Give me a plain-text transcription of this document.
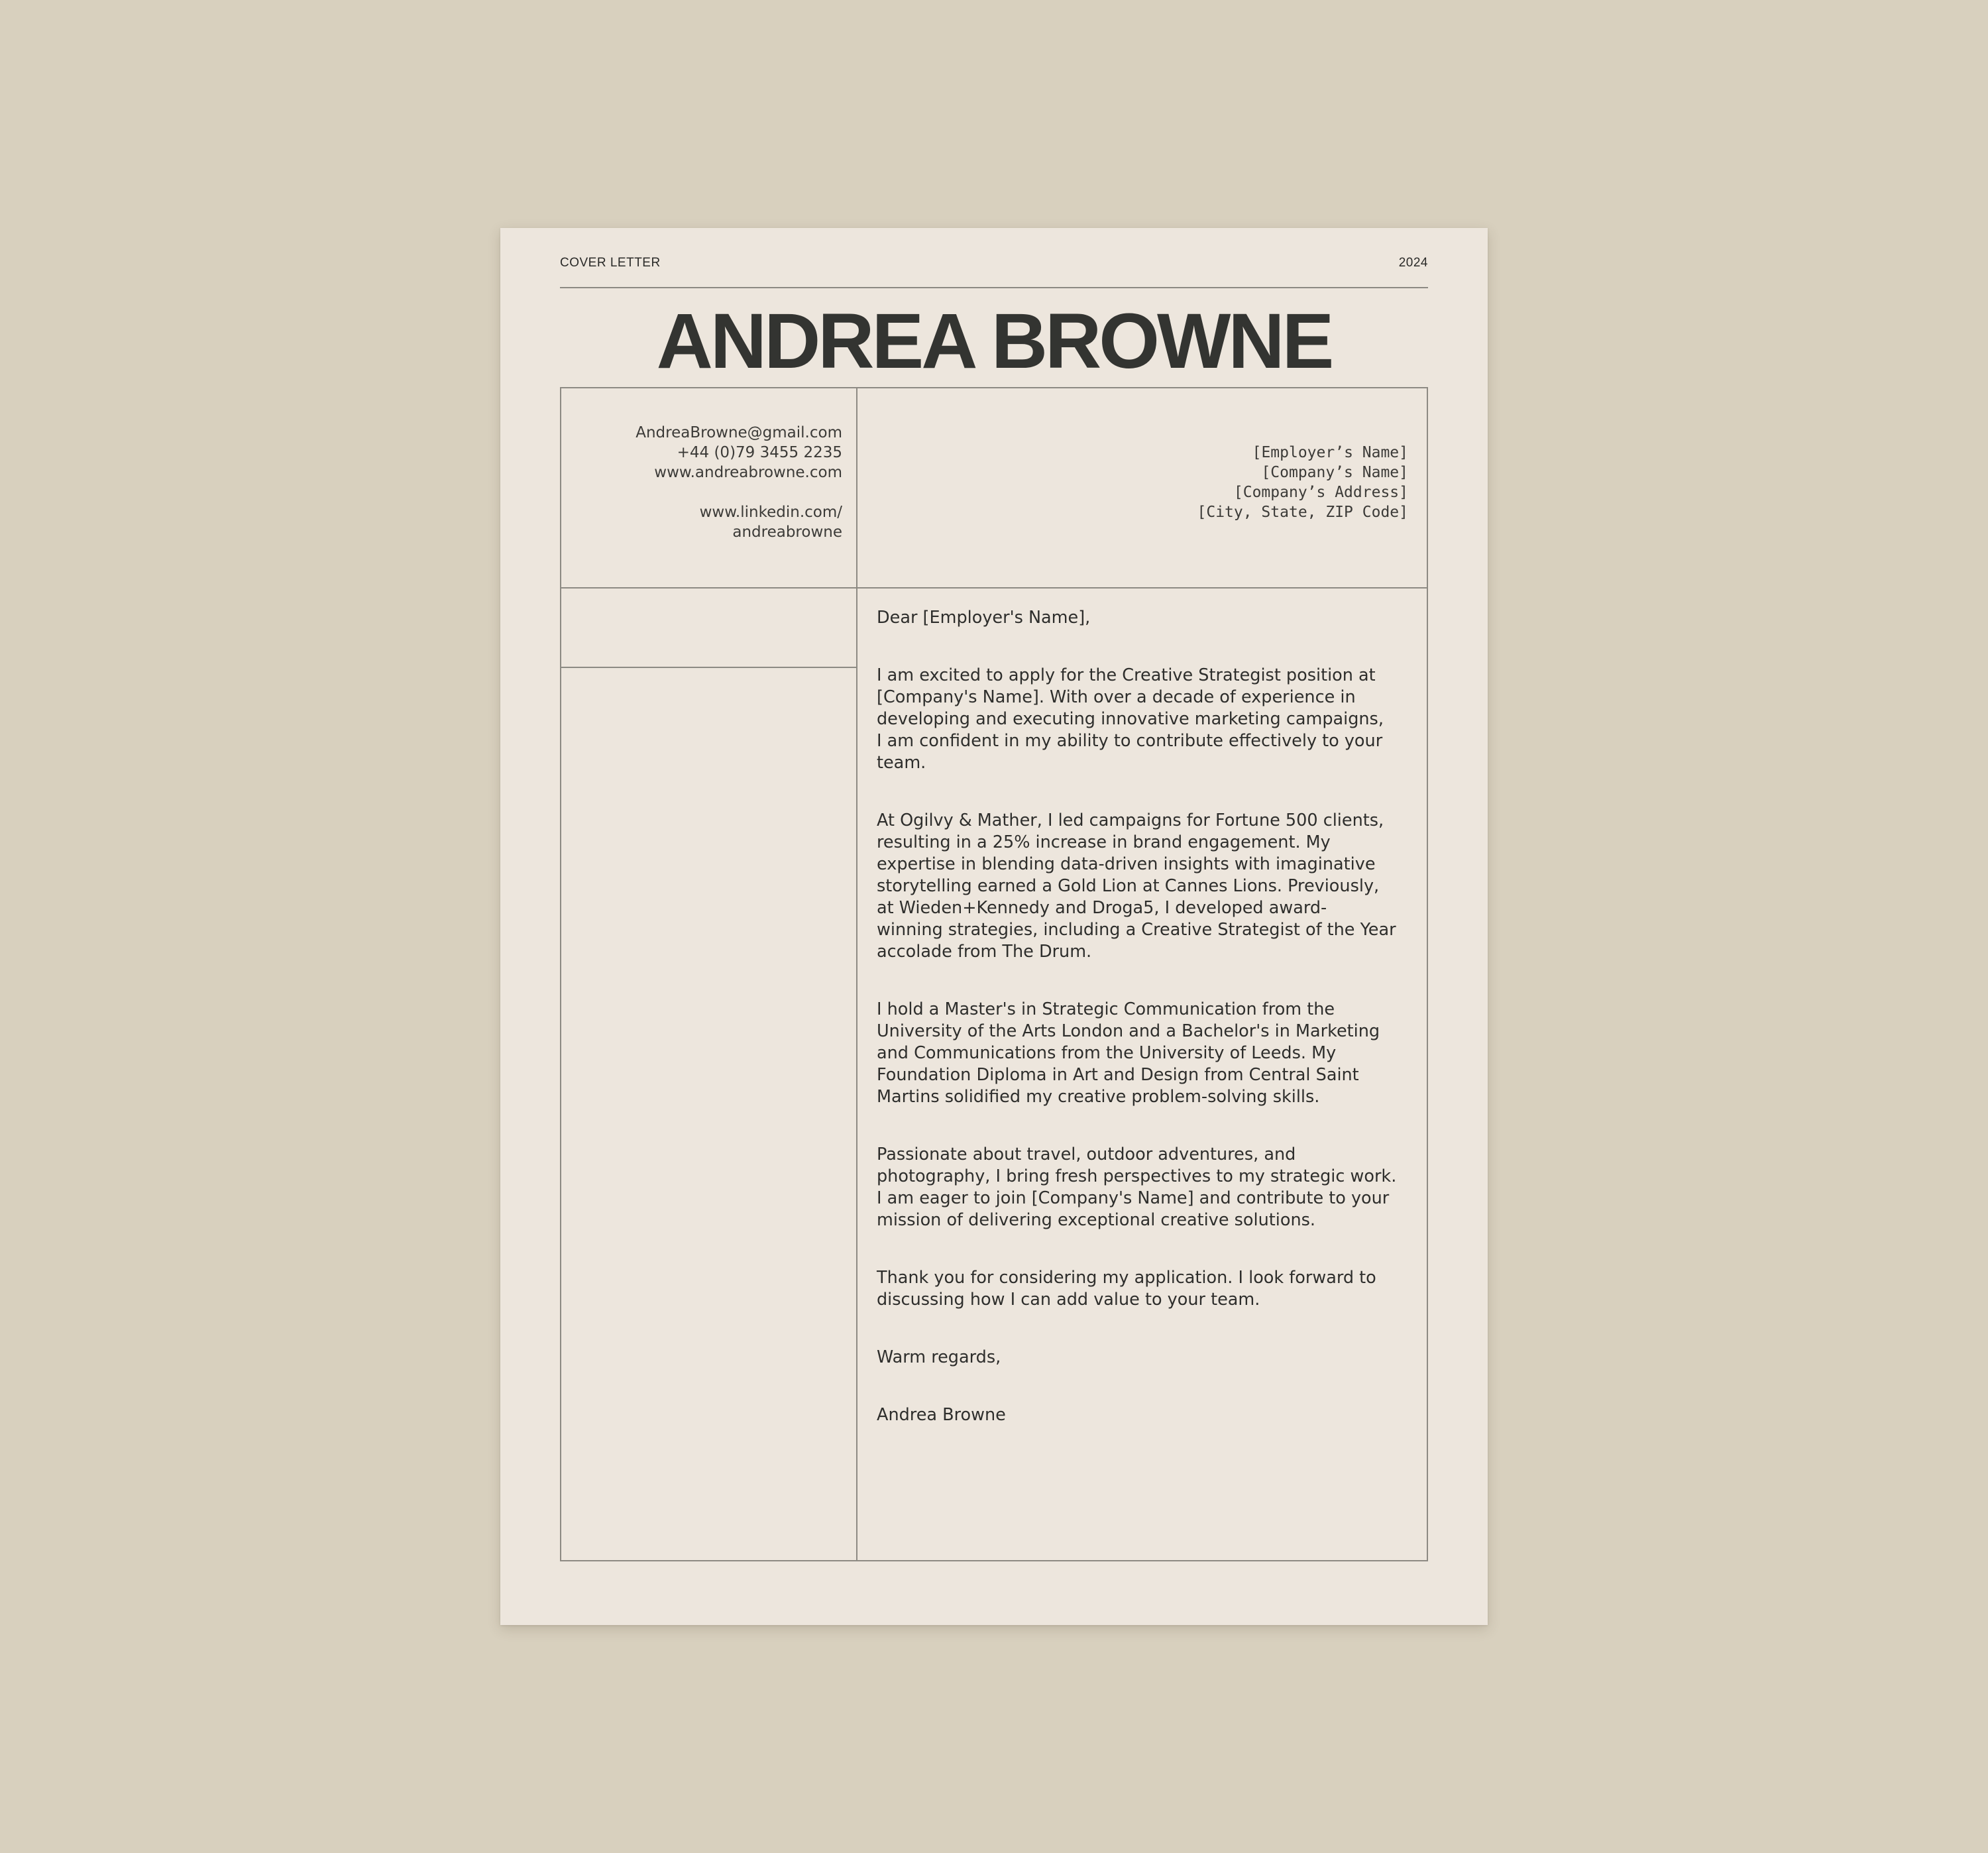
COVER LETTER	2024
ANDREA BROWNE
AndreaBrowne@gmail.com
+44 (0)79 3455 2235
www.andreabrowne.com
www.linkedin.com/
andreabrowne
[Employer’s Name]
[Company’s Name]
[Company’s Address]
[City, State, ZIP Code]

Dear [Employer's Name],

I am excited to apply for the Creative Strategist position at
[Company's Name]. With over a decade of experience in
developing and executing innovative marketing campaigns,
I am confident in my ability to contribute effectively to your
team.

At Ogilvy & Mather, I led campaigns for Fortune 500 clients,
resulting in a 25% increase in brand engagement. My
expertise in blending data-driven insights with imaginative
storytelling earned a Gold Lion at Cannes Lions. Previously,
at Wieden+Kennedy and Droga5, I developed award-
winning strategies, including a Creative Strategist of the Year
accolade from The Drum.

I hold a Master's in Strategic Communication from the
University of the Arts London and a Bachelor's in Marketing
and Communications from the University of Leeds. My
Foundation Diploma in Art and Design from Central Saint
Martins solidified my creative problem-solving skills.

Passionate about travel, outdoor adventures, and
photography, I bring fresh perspectives to my strategic work.
I am eager to join [Company's Name] and contribute to your
mission of delivering exceptional creative solutions.

Thank you for considering my application. I look forward to
discussing how I can add value to your team.

Warm regards,

Andrea Browne
